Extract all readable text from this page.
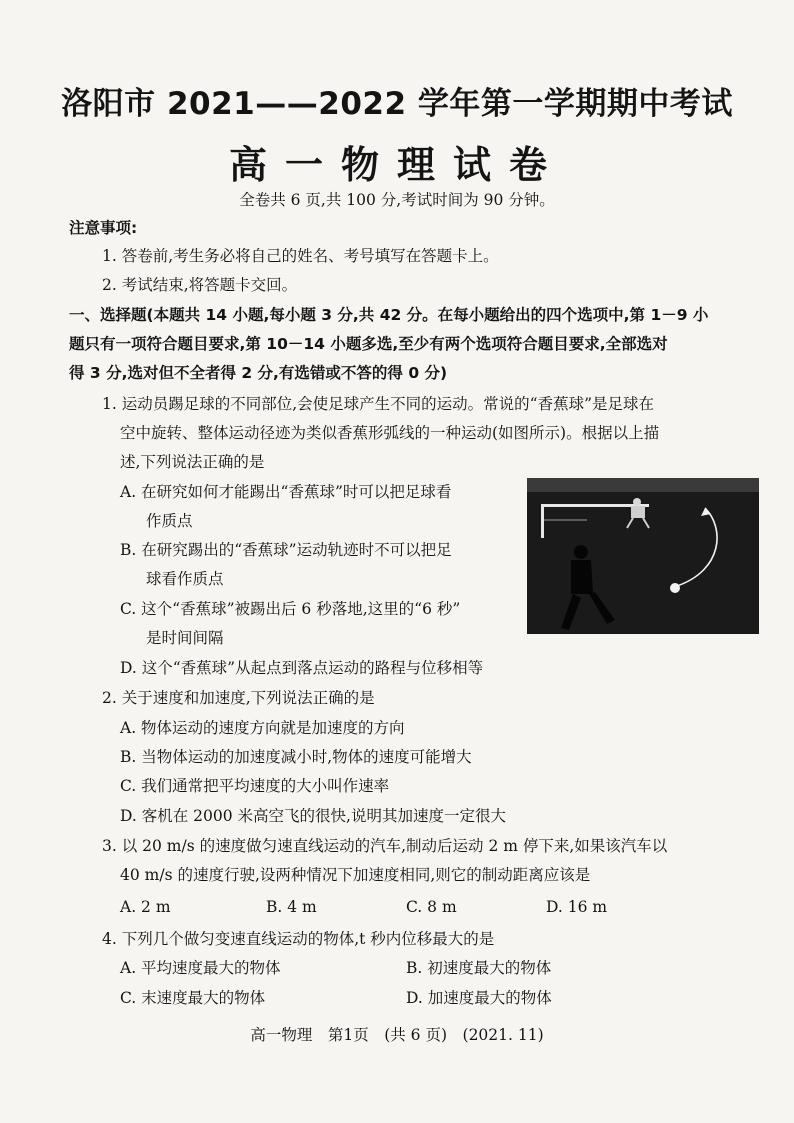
洛阳市 2021——2022 学年第一学期期中考试
高一物理试卷
全卷共 6 页,共 100 分,考试时间为 90 分钟。
注意事项:
1. 答卷前,考生务必将自己的姓名、考号填写在答题卡上。
2. 考试结束,将答题卡交回。
一、选择题(本题共 14 小题,每小题 3 分,共 42 分。在每小题给出的四个选项中,第 1－9 小
题只有一项符合题目要求,第 10－14 小题多选,至少有两个选项符合题目要求,全部选对
得 3 分,选对但不全者得 2 分,有选错或不答的得 0 分)
1. 运动员踢足球的不同部位,会使足球产生不同的运动。常说的“香蕉球”是足球在
空中旋转、整体运动径迹为类似香蕉形弧线的一种运动(如图所示)。根据以上描
述,下列说法正确的是
A. 在研究如何才能踢出“香蕉球”时可以把足球看
作质点
B. 在研究踢出的“香蕉球”运动轨迹时不可以把足
球看作质点
C. 这个“香蕉球”被踢出后 6 秒落地,这里的“6 秒”
是时间间隔
D. 这个“香蕉球”从起点到落点运动的路程与位移相等
2. 关于速度和加速度,下列说法正确的是
A. 物体运动的速度方向就是加速度的方向
B. 当物体运动的加速度减小时,物体的速度可能增大
C. 我们通常把平均速度的大小叫作速率
D. 客机在 2000 米高空飞的很快,说明其加速度一定很大
3. 以 20 m/s 的速度做匀速直线运动的汽车,制动后运动 2 m 停下来,如果该汽车以
40 m/s 的速度行驶,设两种情况下加速度相同,则它的制动距离应该是
A. 2 m	B. 4 m	C. 8 m	D. 16 m
4. 下列几个做匀变速直线运动的物体,t 秒内位移最大的是
A. 平均速度最大的物体	B. 初速度最大的物体
C. 末速度最大的物体	D. 加速度最大的物体
高一物理　第1页　(共 6 页)　(2021. 11)
